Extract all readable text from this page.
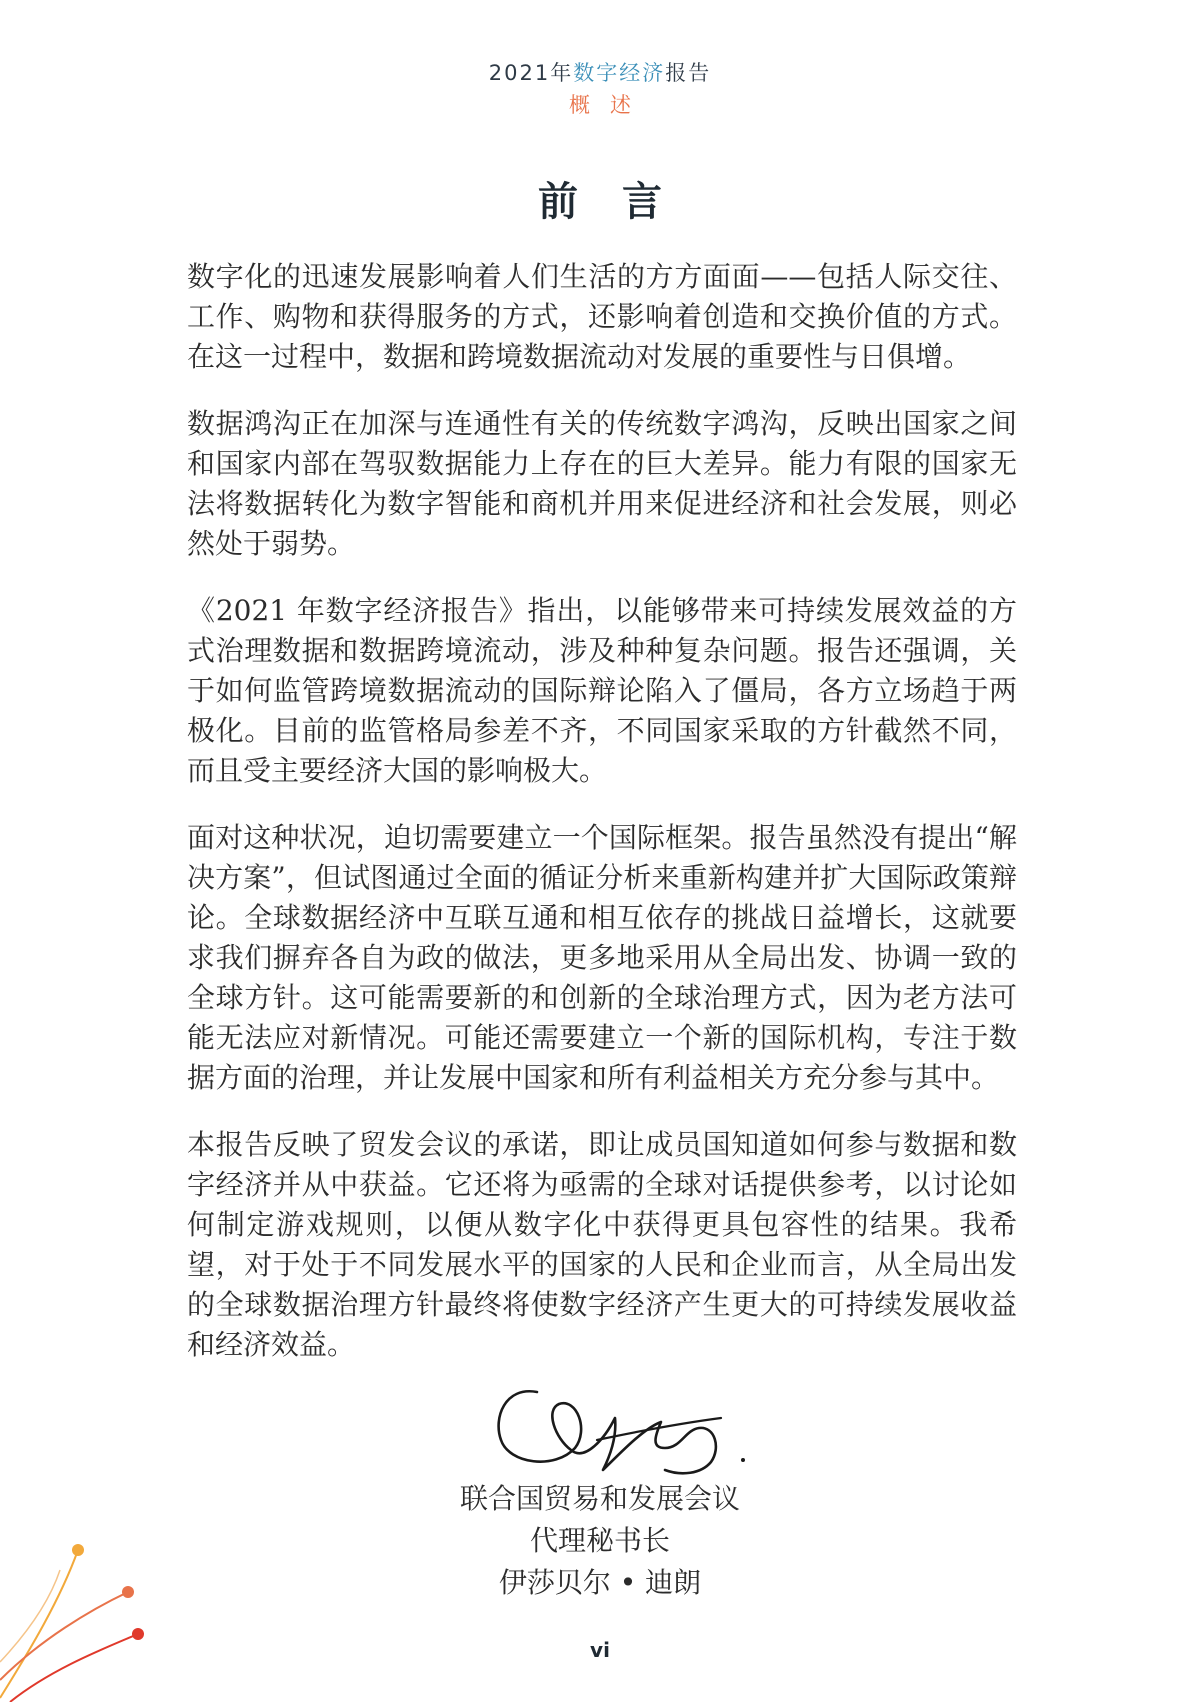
2021年数字经济报告
概述
前言

数字化的迅速发展影响着人们生活的方方面面——包括人际交往、工作、购物和获得服务的方式，还影响着创造和交换价值的方式。在这一过程中，数据和跨境数据流动对发展的重要性与日俱增。

数据鸿沟正在加深与连通性有关的传统数字鸿沟，反映出国家之间和国家内部在驾驭数据能力上存在的巨大差异。能力有限的国家无法将数据转化为数字智能和商机并用来促进经济和社会发展，则必然处于弱势。

《2021 年数字经济报告》指出，以能够带来可持续发展效益的方式治理数据和数据跨境流动，涉及种种复杂问题。报告还强调，关于如何监管跨境数据流动的国际辩论陷入了僵局，各方立场趋于两极化。目前的监管格局参差不齐，不同国家采取的方针截然不同，而且受主要经济大国的影响极大。

面对这种状况，迫切需要建立一个国际框架。报告虽然没有提出“解决方案”，但试图通过全面的循证分析来重新构建并扩大国际政策辩论。全球数据经济中互联互通和相互依存的挑战日益增长，这就要求我们摒弃各自为政的做法，更多地采用从全局出发、协调一致的全球方针。这可能需要新的和创新的全球治理方式，因为老方法可能无法应对新情况。可能还需要建立一个新的国际机构，专注于数据方面的治理，并让发展中国家和所有利益相关方充分参与其中。

本报告反映了贸发会议的承诺，即让成员国知道如何参与数据和数字经济并从中获益。它还将为亟需的全球对话提供参考，以讨论如何制定游戏规则，以便从数字化中获得更具包容性的结果。我希望，对于处于不同发展水平的国家的人民和企业而言，从全局出发的全球数据治理方针最终将使数字经济产生更大的可持续发展收益和经济效益。

联合国贸易和发展会议
代理秘书长
伊莎贝尔 • 迪朗
vi
